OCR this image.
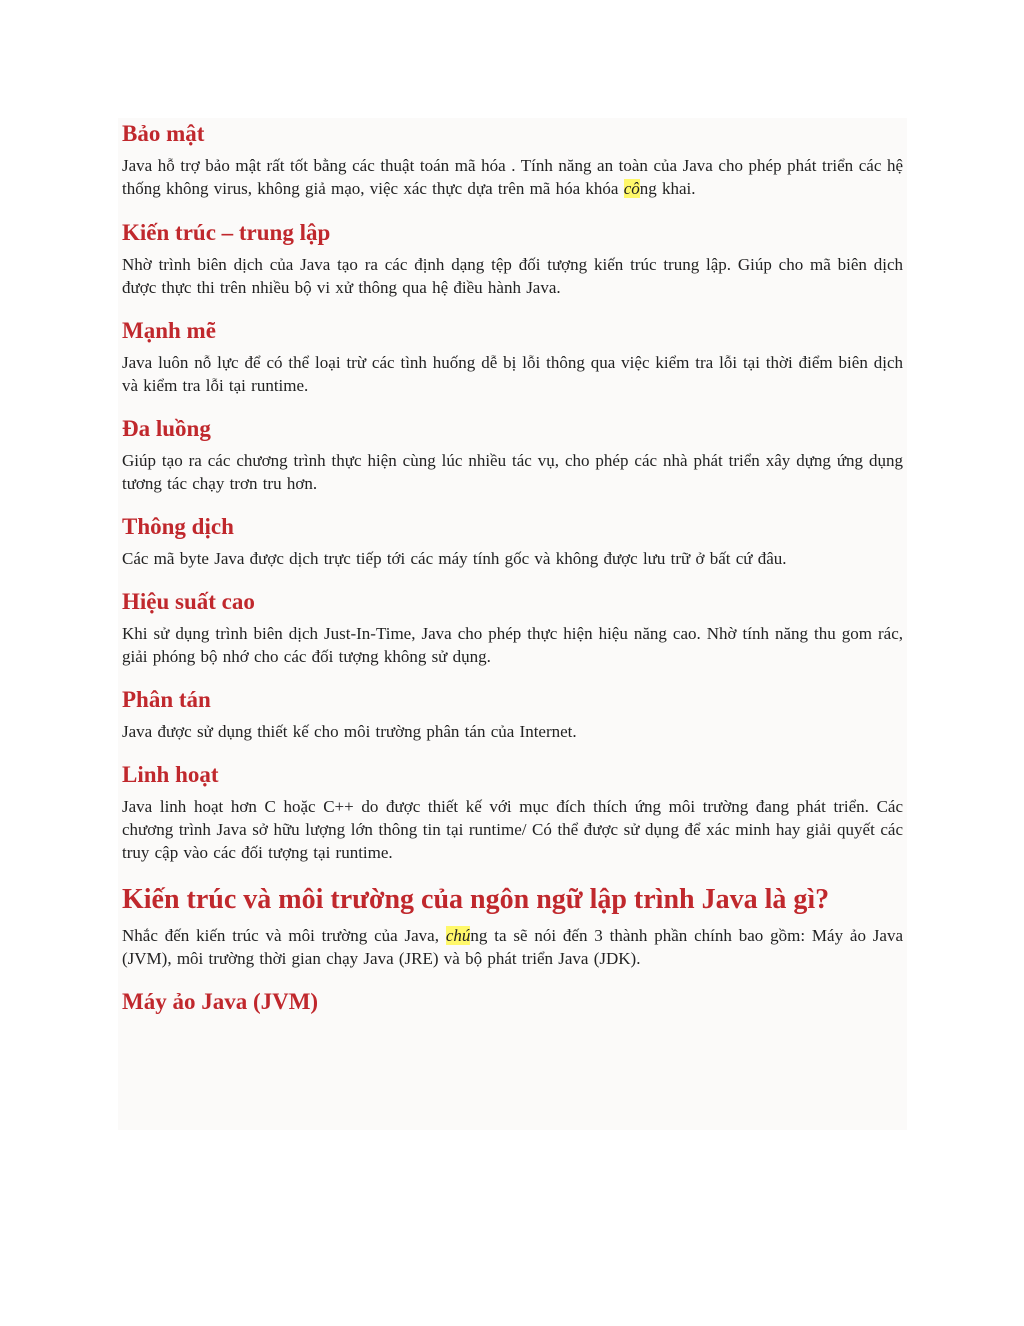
Bảo mật

Java hỗ trợ bảo mật rất tốt bằng các thuật toán mã hóa . Tính năng an toàn của Java cho phép phát triển các hệ thống không virus, không giả mạo, việc xác thực dựa trên mã hóa khóa công khai.

Kiến trúc – trung lập

Nhờ trình biên dịch của Java tạo ra các định dạng tệp đối tượng kiến trúc trung lập. Giúp cho mã biên dịch được thực thi trên nhiều bộ vi xử thông qua hệ điều hành Java.

Mạnh mẽ

Java luôn nỗ lực để có thể loại trừ các tình huống dễ bị lỗi thông qua việc kiểm tra lỗi tại thời điểm biên dịch và kiểm tra lỗi tại runtime.

Đa luồng

Giúp tạo ra các chương trình thực hiện cùng lúc nhiều tác vụ, cho phép các nhà phát triển xây dựng ứng dụng tương tác chạy trơn tru hơn.

Thông dịch

Các mã byte Java được dịch trực tiếp tới các máy tính gốc và không được lưu trữ ở bất cứ đâu.

Hiệu suất cao

Khi sử dụng trình biên dịch Just-In-Time, Java cho phép thực hiện hiệu năng cao. Nhờ tính năng thu gom rác, giải phóng bộ nhớ cho các đối tượng không sử dụng.

Phân tán

Java được sử dụng thiết kế cho môi trường phân tán của Internet.

Linh hoạt

Java linh hoạt hơn C hoặc C++ do được thiết kế với mục đích thích ứng môi trường đang phát triển. Các chương trình Java sở hữu lượng lớn thông tin tại runtime/ Có thể được sử dụng để xác minh hay giải quyết các truy cập vào các đối tượng tại runtime.

Kiến trúc và môi trường của ngôn ngữ lập trình Java là gì?

Nhắc đến kiến trúc và môi trường của Java, chúng ta sẽ nói đến 3 thành phần chính bao gồm: Máy ảo Java (JVM), môi trường thời gian chạy Java (JRE) và bộ phát triển Java (JDK).

Máy ảo Java (JVM)
